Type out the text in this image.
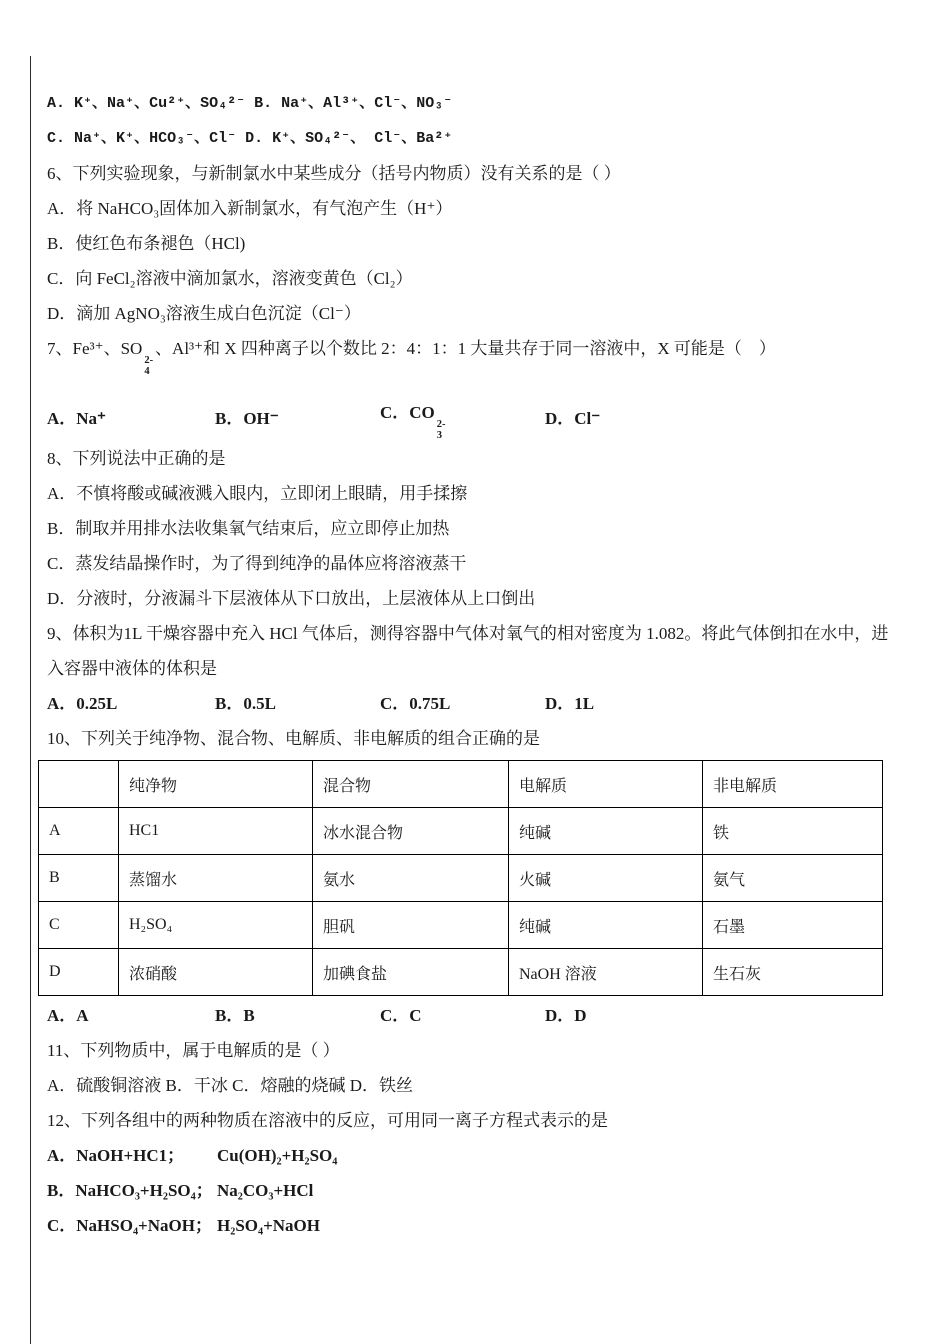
A. K⁺、Na⁺、Cu²⁺、SO₄²⁻ B. Na⁺、Al³⁺、Cl⁻、NO₃⁻

C. Na⁺、K⁺、HCO₃⁻、Cl⁻ D. K⁺、SO₄²⁻、 Cl⁻、Ba²⁺

6、下列实验现象，与新制氯水中某些成分（括号内物质）没有关系的是（ ）

A．将 NaHCO₃固体加入新制氯水，有气泡产生（H⁺）

B．使红色布条褪色（HCl)

C．向 FeCl₂溶液中滴加氯水，溶液变黄色（Cl₂）

D．滴加 AgNO₃溶液生成白色沉淀（Cl⁻）

7、Fe³⁺、SO
2-
4
、Al³⁺和 X 四种离子以个数比 2：4：1：1 大量共存于同一溶液中，X 可能是（　）

A．Na⁺	B．OH⁻	C．CO
2-
3
D．Cl⁻

8、下列说法中正确的是

A．不慎将酸或碱液溅入眼内，立即闭上眼睛，用手揉擦

B．制取并用排水法收集氧气结束后，应立即停止加热

C．蒸发结晶操作时，为了得到纯净的晶体应将溶液蒸干

D．分液时，分液漏斗下层液体从下口放出，上层液体从上口倒出

9、体积为1L 干燥容器中充入 HCl 气体后，测得容器中气体对氧气的相对密度为 1.082。将此气体倒扣在水中，进入容器中液体的体积是

A．0.25L	B．0.5L	C．0.75L	D．1L

10、下列关于纯净物、混合物、电解质、非电解质的组合正确的是

	纯净物	混合物	电解质	非电解质
A	HC1	冰水混合物	纯碱	铁
B	蒸馏水	氨水	火碱	氨气
C	H₂SO₄	胆矾	纯碱	石墨
D	浓硝酸	加碘食盐	NaOH 溶液	生石灰
A．A	B．B	C．C	D．D

11、下列物质中，属于电解质的是（ ）

A．硫酸铜溶液 B．干冰 C．熔融的烧碱 D．铁丝

12、下列各组中的两种物质在溶液中的反应，可用同一离子方程式表示的是

A．NaOH+HC1； Cu(OH)₂+H₂SO₄

B．NaHCO₃+H₂SO₄； Na₂CO₃+HCl

C．NaHSO₄+NaOH； H₂SO₄+NaOH
